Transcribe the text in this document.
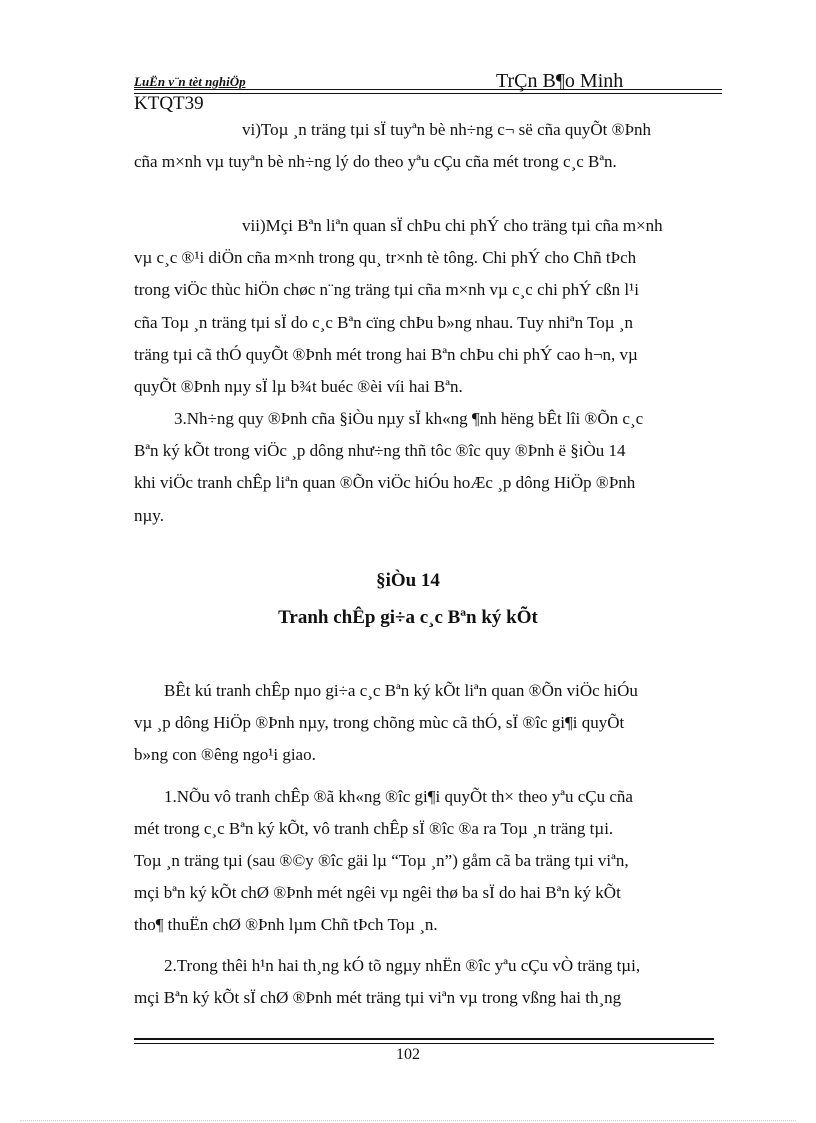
LuËn v¨n tèt nghiÖp	TrÇn B¶o Minh
KTQT39
vi)Toµ ¸n träng tµi sÏ tuyªn bè nh÷ng c¬ së cña quyÕt ®Þnh
cña m×nh vµ tuyªn bè nh÷ng lý do theo yªu cÇu cña mét trong c¸c Bªn.
vii)Mçi Bªn liªn quan sÏ chÞu chi phÝ cho träng tµi cña m×nh
vµ c¸c ®¹i diÖn cña m×nh trong qu¸ tr×nh tè tông. Chi phÝ cho Chñ tÞch
trong viÖc thùc hiÖn chøc n¨ng träng tµi cña m×nh vµ c¸c chi phÝ cßn l¹i
cña Toµ ¸n träng tµi sÏ do c¸c Bªn cïng chÞu b»ng nhau. Tuy nhiªn Toµ ¸n
träng tµi cã thÓ quyÕt ®Þnh mét trong hai Bªn chÞu chi phÝ cao h¬n, vµ
quyÕt ®Þnh nµy sÏ lµ b¾t buéc ®èi víi hai Bªn.
3.Nh÷ng quy ®Þnh cña §iÒu nµy sÏ kh«ng ¶nh hëng bÊt lîi ®Õn c¸c
Bªn ký kÕt trong viÖc ¸p dông như÷ng thñ tôc ®îc quy ®Þnh ë §iÒu 14
khi viÖc tranh chÊp liªn quan ®Õn viÖc hiÓu hoÆc ¸p dông HiÖp ®Þnh
nµy.
§iÒu 14
Tranh chÊp gi÷a c¸c Bªn ký kÕt
BÊt kú tranh chÊp nµo gi÷a c¸c Bªn ký kÕt liªn quan ®Õn viÖc hiÓu
vµ ¸p dông HiÖp ®Þnh nµy, trong chõng mùc cã thÓ, sÏ ®îc gi¶i quyÕt
b»ng con ®êng ngo¹i giao.
1.NÕu vô tranh chÊp ®ã kh«ng ®îc gi¶i quyÕt th× theo yªu cÇu cña
mét trong c¸c Bªn ký kÕt, vô tranh chÊp sÏ ®îc ®a ra Toµ ¸n träng tµi.
Toµ ¸n träng tµi (sau ®©y ®îc gäi lµ “Toµ ¸n”) gåm cã ba träng tµi viªn,
mçi bªn ký kÕt chØ ®Þnh mét ngêi vµ ngêi thø ba sÏ do hai Bªn ký kÕt
tho¶ thuËn chØ ®Þnh lµm Chñ tÞch Toµ ¸n.
2.Trong thêi h¹n hai th¸ng kÓ tõ ngµy nhËn ®îc yªu cÇu vÒ träng tµi,
mçi Bªn ký kÕt sÏ chØ ®Þnh mét träng tµi viªn vµ trong vßng hai th¸ng
102
